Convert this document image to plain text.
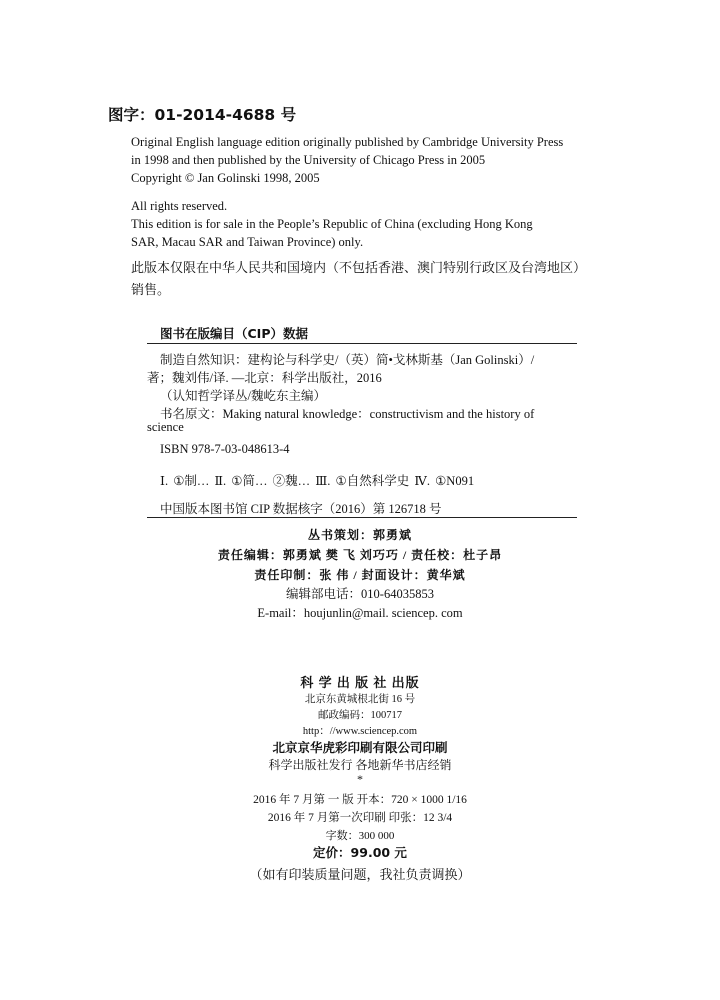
图字：01-2014-4688 号
Original English language edition originally published by Cambridge University Press
in 1998 and then published by the University of Chicago Press in 2005
Copyright © Jan Golinski 1998, 2005
All rights reserved.
This edition is for sale in the People’s Republic of China (excluding Hong Kong
SAR, Macau SAR and Taiwan Province) only.
此版本仅限在中华人民共和国境内（不包括香港、澳门特别行政区及台湾地区）
销售。
图书在版编目（CIP）数据
制造自然知识：建构论与科学史/（英）简•戈林斯基（Jan Golinski）/
著；魏刘伟/译. —北京：科学出版社，2016
（认知哲学译丛/魏屹东主编）
书名原文：Making natural knowledge：constructivism and the history of
science
ISBN 978-7-03-048613-4
Ⅰ. ①制… Ⅱ. ①简… ②魏… Ⅲ. ①自然科学史 Ⅳ. ①N091
中国版本图书馆 CIP 数据核字（2016）第 126718 号
丛书策划：郭勇斌
责任编辑：郭勇斌 樊 飞 刘巧巧 / 责任校：杜子昂
责任印制：张 伟 / 封面设计：黄华斌
编辑部电话：010-64035853
E-mail：houjunlin@mail. sciencep. com
科 学 出 版 社 出版
北京东黄城根北街 16 号
邮政编码：100717
http：//www.sciencep.com
北京京华虎彩印刷有限公司印刷
科学出版社发行 各地新华书店经销
*
2016 年 7 月第 一 版 开本：720 × 1000 1/16
2016 年 7 月第一次印刷 印张：12 3/4
字数：300 000
定价：99.00 元
（如有印装质量问题，我社负责调换）
